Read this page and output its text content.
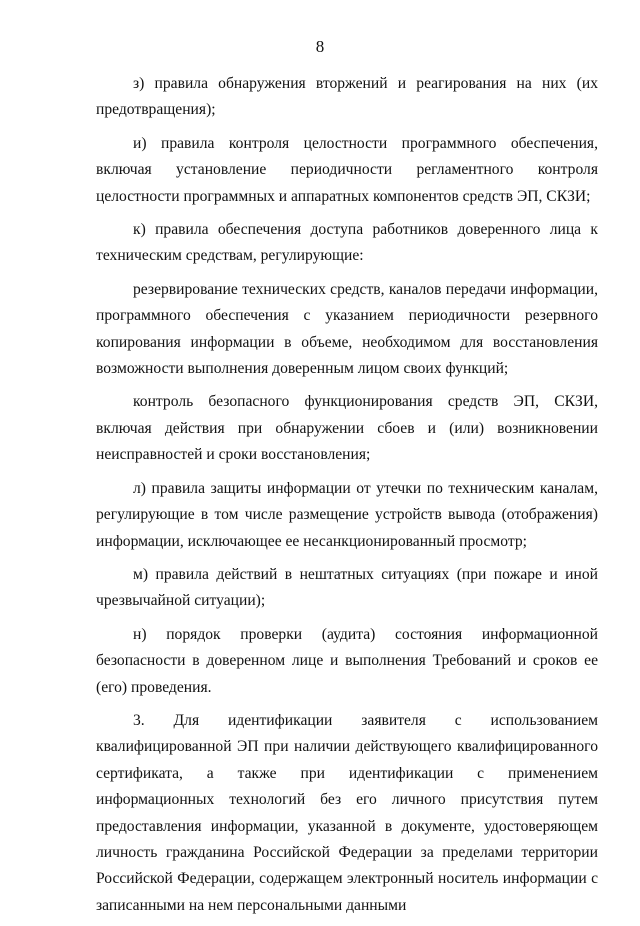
8

з) правила обнаружения вторжений и реагирования на них (их предотвращения);

и) правила контроля целостности программного обеспечения, включая установление периодичности регламентного контроля целостности программных и аппаратных компонентов средств ЭП, СКЗИ;

к) правила обеспечения доступа работников доверенного лица к техническим средствам, регулирующие:

резервирование технических средств, каналов передачи информации, программного обеспечения с указанием периодичности резервного копирования информации в объеме, необходимом для восстановления возможности выполнения доверенным лицом своих функций;

контроль безопасного функционирования средств ЭП, СКЗИ, включая действия при обнаружении сбоев и (или) возникновении неисправностей и сроки восстановления;

л) правила защиты информации от утечки по техническим каналам, регулирующие в том числе размещение устройств вывода (отображения) информации, исключающее ее несанкционированный просмотр;

м) правила действий в нештатных ситуациях (при пожаре и иной чрезвычайной ситуации);

н) порядок проверки (аудита) состояния информационной безопасности в доверенном лице и выполнения Требований и сроков ее (его) проведения.

3. Для идентификации заявителя с использованием квалифицированной ЭП при наличии действующего квалифицированного сертификата, а также при идентификации с применением информационных технологий без его личного присутствия путем предоставления информации, указанной в документе, удостоверяющем личность гражданина Российской Федерации за пределами территории Российской Федерации, содержащем электронный носитель информации с записанными на нем персональными данными
